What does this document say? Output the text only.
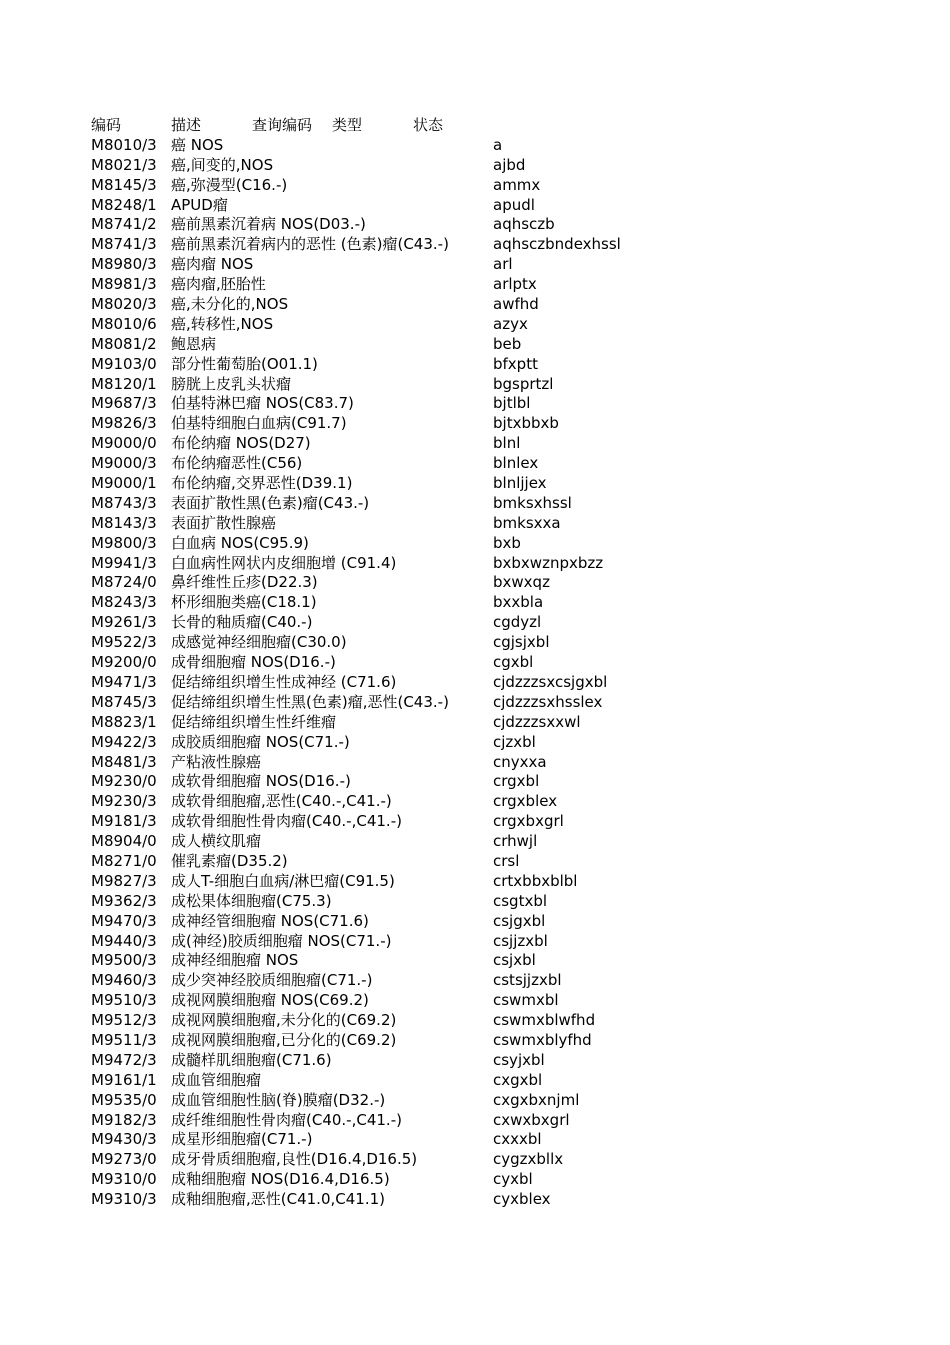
编码	描述	查询编码	类型	状态
M8010/3 癌 NOS	a
M8021/3 癌,间变的,NOS	ajbd
M8145/3 癌,弥漫型(C16.-)	ammx
M8248/1 APUD瘤	apudl
M8741/2 癌前黑素沉着病 NOS(D03.-)	aqhsczb
M8741/3 癌前黑素沉着病内的恶性 (色素)瘤(C43.-)	aqhsczbndexhssl
M8980/3 癌肉瘤 NOS	arl
M8981/3 癌肉瘤,胚胎性	arlptx
M8020/3 癌,未分化的,NOS	awfhd
M8010/6 癌,转移性,NOS	azyx
M8081/2 鲍恩病	beb
M9103/0 部分性葡萄胎(O01.1)	bfxptt
M8120/1 膀胱上皮乳头状瘤	bgsprtzl
M9687/3 伯基特淋巴瘤 NOS(C83.7)	bjtlbl
M9826/3 伯基特细胞白血病(C91.7)	bjtxbbxb
M9000/0 布伦纳瘤 NOS(D27)	blnl
M9000/3 布伦纳瘤恶性(C56)	blnlex
M9000/1 布伦纳瘤,交界恶性(D39.1)	blnljjex
M8743/3 表面扩散性黑(色素)瘤(C43.-)	bmksxhssl
M8143/3 表面扩散性腺癌	bmksxxa
M9800/3 白血病 NOS(C95.9)	bxb
M9941/3 白血病性网状内皮细胞增 (C91.4)	bxbxwznpxbzz
M8724/0 鼻纤维性丘疹(D22.3)	bxwxqz
M8243/3 杯形细胞类癌(C18.1)	bxxbla
M9261/3 长骨的釉质瘤(C40.-)	cgdyzl
M9522/3 成感觉神经细胞瘤(C30.0)	cgjsjxbl
M9200/0 成骨细胞瘤 NOS(D16.-)	cgxbl
M9471/3 促结缔组织增生性成神经 (C71.6)	cjdzzzsxcsjgxbl
M8745/3 促结缔组织增生性黑(色素)瘤,恶性(C43.-)	cjdzzzsxhsslex
M8823/1 促结缔组织增生性纤维瘤	cjdzzzsxxwl
M9422/3 成胶质细胞瘤 NOS(C71.-)	cjzxbl
M8481/3 产粘液性腺癌	cnyxxa
M9230/0 成软骨细胞瘤 NOS(D16.-)	crgxbl
M9230/3 成软骨细胞瘤,恶性(C40.-,C41.-)	crgxblex
M9181/3 成软骨细胞性骨肉瘤(C40.-,C41.-)	crgxbxgrl
M8904/0 成人横纹肌瘤	crhwjl
M8271/0 催乳素瘤(D35.2)	crsl
M9827/3 成人T-细胞白血病/淋巴瘤(C91.5)	crtxbbxblbl
M9362/3 成松果体细胞瘤(C75.3)	csgtxbl
M9470/3 成神经管细胞瘤 NOS(C71.6)	csjgxbl
M9440/3 成(神经)胶质细胞瘤 NOS(C71.-)	csjjzxbl
M9500/3 成神经细胞瘤 NOS	csjxbl
M9460/3 成少突神经胶质细胞瘤(C71.-)	cstsjjzxbl
M9510/3 成视网膜细胞瘤 NOS(C69.2)	cswmxbl
M9512/3 成视网膜细胞瘤,未分化的(C69.2)	cswmxblwfhd
M9511/3 成视网膜细胞瘤,已分化的(C69.2)	cswmxblyfhd
M9472/3 成髓样肌细胞瘤(C71.6)	csyjxbl
M9161/1 成血管细胞瘤	cxgxbl
M9535/0 成血管细胞性脑(脊)膜瘤(D32.-)	cxgxbxnjml
M9182/3 成纤维细胞性骨肉瘤(C40.-,C41.-)	cxwxbxgrl
M9430/3 成星形细胞瘤(C71.-)	cxxxbl
M9273/0 成牙骨质细胞瘤,良性(D16.4,D16.5)	cygzxbllx
M9310/0 成釉细胞瘤 NOS(D16.4,D16.5)	cyxbl
M9310/3 成釉细胞瘤,恶性(C41.0,C41.1)	cyxblex
